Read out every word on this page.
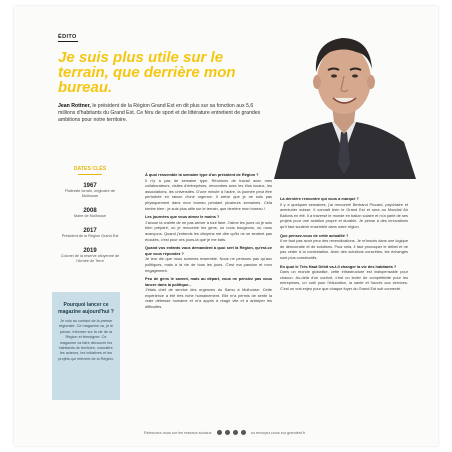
ÉDITO
Je suis plus utile sur le terrain, que derrière mon bureau.
Jean Rottner, le président de la Région Grand Est en dit plus sur sa fonction aux 5,6 millions d'habitants du Grand Est. Ce féru de sport et de littérature entretient de grandes ambitions pour notre territoire.
DATES CLÉS
1967
Platiniste lorrain, originaire de Mulhouse
2008
Maire de Mulhouse
2017
Président de la Région Grand Est
2019
Colonel de la réserve citoyenne de l'Armée de Terre
Pourquoi lancer ce magazine aujourd'hui ?
Je vois au contact de la presse régionale. Ce magazine va, je le pense, informer sur la vie de la Région et témoigner. Ce magazine va faire découvrir les habitants de territoire, connaître les acteurs, les initiatives et les projets qui relèvent de la Région.
À quoi ressemble la semaine type d'un président de Région ?

Il n'y a pas de semaine type. Réunions de travail avec mes collaborateurs, visites d'entreprises, rencontres avec les élus locaux, les associations, les universités. D'une minute à l'autre, la journée peut être perturbée en raison d'une urgence. Il arrive que je ne sois pas physiquement dans mon bureau pendant plusieurs semaines. Cela tombe bien : je suis plus utile sur le terrain, que derrière mon bureau !

Les journées que vous aimez le moins ?

J'avoue la crainte de ne pas arriver à tout faire. J'aime les jours où je suis bien préparé, où je rencontre les gens, où nous bougeons, où nous avançons. Quand j'entends les citoyens me dire qu'ils ne se sentent pas écoutés, c'est pour ces jours-là que je me bats.

Quand vos enfants vous demandent à quoi sert la Région, qu'est-ce que vous répondez ?

Je leur dis que nous sommes ensemble. Nous ne pensons pas qu'aux politiques, mais à la vie de tous les jours. C'est ma passion et mon engagement.

Peu de gens le savent, mais au départ, vous ne pensiez pas vous lancer dans la politique...

J'étais chef de service des urgences du Samu à Mulhouse. Cette expérience a été très riche humainement. Elle m'a permis de sentir la vraie détresse humaine et m'a appris à réagir vite et à anticiper les difficultés.

La dernière rencontre qui vous a marqué ?

Il y a quelques semaines, j'ai rencontré Bertrand Piccard, psychiatre et aventurier suisse. Il connaît bien le Grand Est et sera au Mondial Air Ballons en été. Il a traversé le monde en ballon solaire et m'a parlé de ses projets pour une aviation propre et durable. Je pense à des innovations qu'il faut soutenir ensemble dans notre région.

Que pensez-vous de cette actualité ?

Il ne faut pas avoir peur des revendications. Je m'inscris dans une logique de démocratie et de solutions. Pour cela, il faut provoquer le débat et ne pas céder à la contestation. Avec des solutions concrètes, les échanges sont plus constructifs.

En quoi le Très Haut Débit va-t-il changer la vie des habitants ?

Dans un monde globalisé, cette infrastructure est indispensable pour chacun. Au-delà d'un confort, c'est un levier de compétitivité pour les entreprises, un outil pour l'éducation, la santé et l'accès aux services. C'est un vrai enjeu pour que chaque foyer du Grand Est soit connecté.

Retrouvez-nous sur les réseaux sociaux
	ou envoyez-nous sur grandest.fr
